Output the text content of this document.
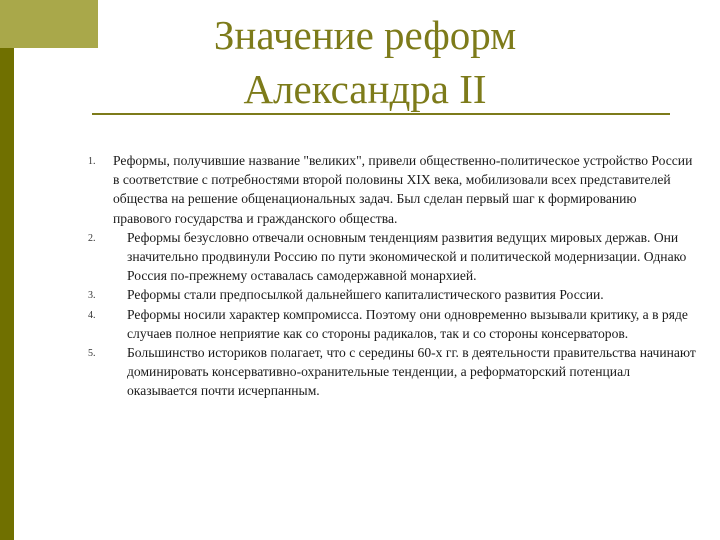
Значение реформ
Александра II
1. Реформы, получившие название "великих", привели общественно-политическое устройство России в соответствие с потребностями второй половины XIX века, мобилизовали всех представителей общества на решение общенациональных задач. Был сделан первый шаг к формированию правового государства и гражданского общества.
2.	Реформы безусловно отвечали основным тенденциям развития ведущих мировых держав. Они значительно продвинули Россию по пути экономической и политической модернизации. Однако Россия по-прежнему оставалась самодержавной монархией.
3.	Реформы стали предпосылкой дальнейшего капиталистического развития России.
4.	Реформы носили характер компромисса. Поэтому они одновременно вызывали критику, а в ряде случаев полное неприятие как со стороны радикалов, так и со стороны консерваторов.
5.	Большинство историков полагает, что с середины 60-х гг. в деятельности правительства начинают доминировать консервативно-охранительные тенденции, а реформаторский потенциал оказывается почти исчерпанным.
